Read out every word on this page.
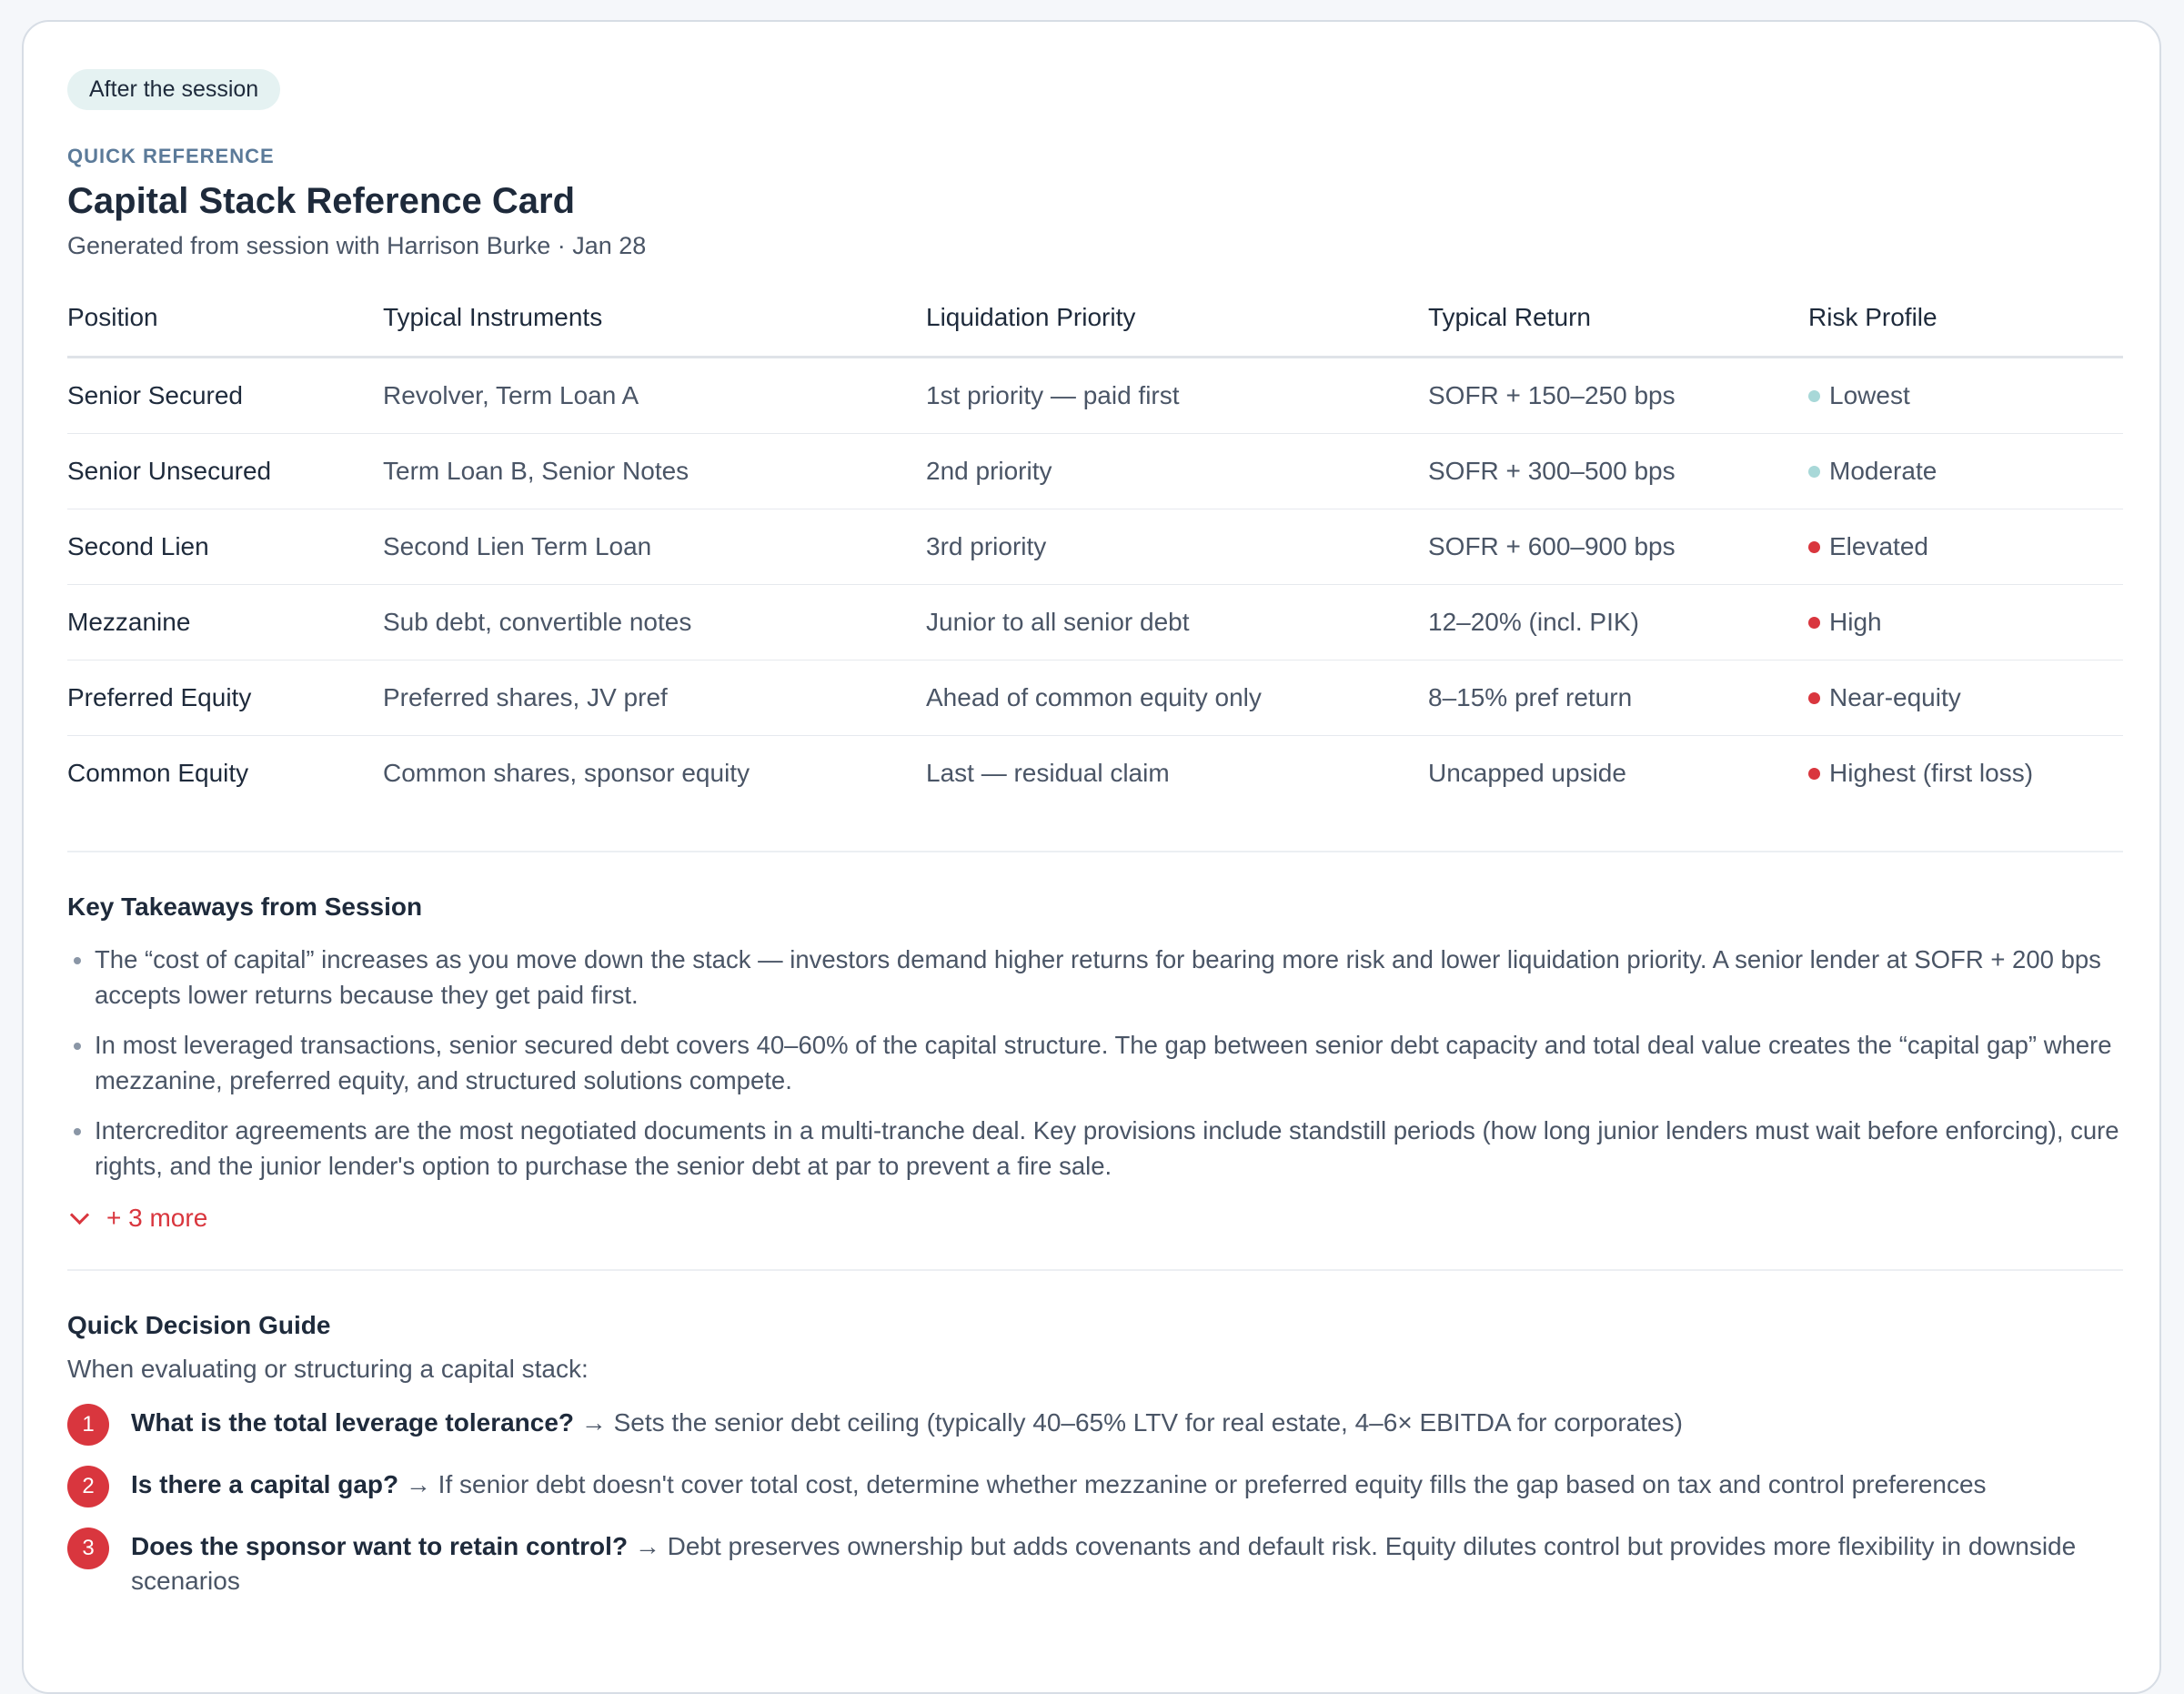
After the session
QUICK REFERENCE
Capital Stack Reference Card
Generated from session with Harrison Burke · Jan 28
Position	Typical Instruments	Liquidation Priority	Typical Return	Risk Profile
Senior Secured	Revolver, Term Loan A	1st priority — paid first	SOFR + 150–250 bps	Lowest
Senior Unsecured	Term Loan B, Senior Notes	2nd priority	SOFR + 300–500 bps	Moderate
Second Lien	Second Lien Term Loan	3rd priority	SOFR + 600–900 bps	Elevated
Mezzanine	Sub debt, convertible notes	Junior to all senior debt	12–20% (incl. PIK)	High
Preferred Equity	Preferred shares, JV pref	Ahead of common equity only	8–15% pref return	Near-equity
Common Equity	Common shares, sponsor equity	Last — residual claim	Uncapped upside	Highest (first loss)
Key Takeaways from Session
• The “cost of capital” increases as you move down the stack — investors demand higher returns for bearing more risk and lower liquidation priority. A senior lender at SOFR + 200 bps accepts lower returns because they get paid first.
• In most leveraged transactions, senior secured debt covers 40–60% of the capital structure. The gap between senior debt capacity and total deal value creates the “capital gap” where mezzanine, preferred equity, and structured solutions compete.
• Intercreditor agreements are the most negotiated documents in a multi-tranche deal. Key provisions include standstill periods (how long junior lenders must wait before enforcing), cure rights, and the junior lender's option to purchase the senior debt at par to prevent a fire sale.
+ 3 more
Quick Decision Guide
When evaluating or structuring a capital stack:
1	What is the total leverage tolerance? → Sets the senior debt ceiling (typically 40–65% LTV for real estate, 4–6× EBITDA for corporates)
2	Is there a capital gap? → If senior debt doesn't cover total cost, determine whether mezzanine or preferred equity fills the gap based on tax and control preferences
3	Does the sponsor want to retain control? → Debt preserves ownership but adds covenants and default risk. Equity dilutes control but provides more flexibility in downside scenarios
